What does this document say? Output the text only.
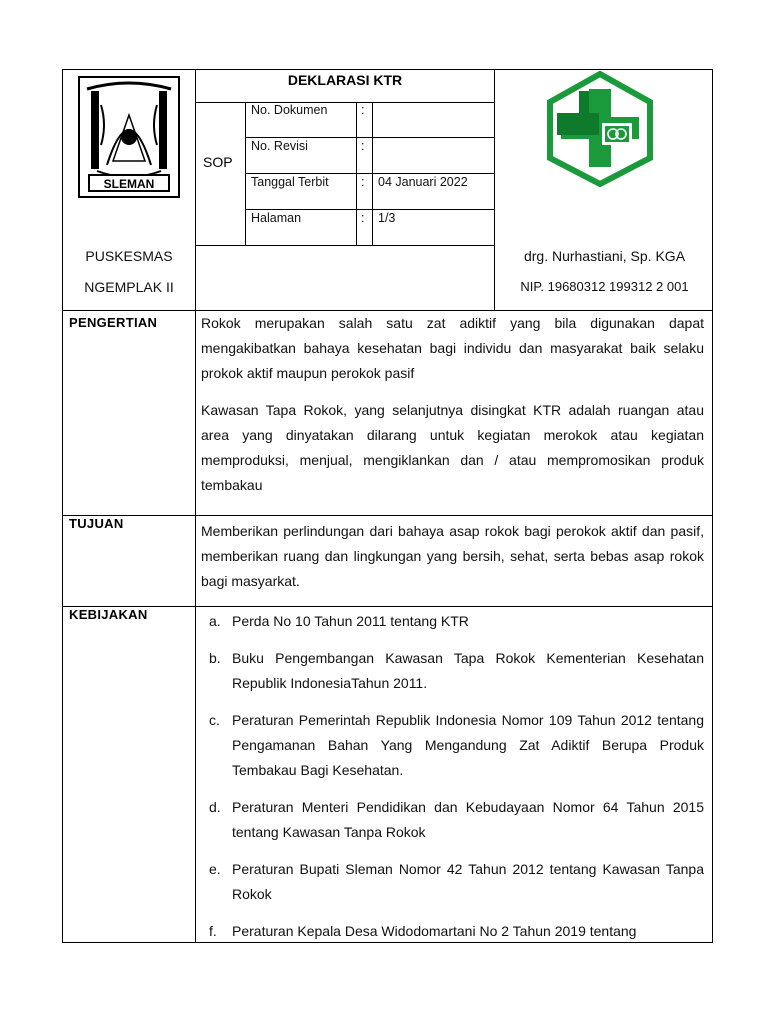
SLEMAN
DEKLARASI KTR
SOP
No. Dokumen	:
No. Revisi	:
Tanggal Terbit	: 04 Januari 2022
Halaman	: 1/3
PUSKESMAS
NGEMPLAK II
drg. Nurhastiani, Sp. KGA
NIP. 19680312 199312 2 001
PENGERTIAN	Rokok merupakan salah satu zat adiktif yang bila digunakan dapat mengakibatkan bahaya kesehatan bagi individu dan masyarakat baik selaku prokok aktif maupun perokok pasif

Kawasan Tapa Rokok, yang selanjutnya disingkat KTR adalah ruangan atau area yang dinyatakan dilarang untuk kegiatan merokok atau kegiatan memproduksi, menjual, mengiklankan dan / atau mempromosikan produk tembakau

TUJUAN	Memberikan perlindungan dari bahaya asap rokok bagi perokok aktif dan pasif, memberikan ruang dan lingkungan yang bersih, sehat, serta bebas asap rokok bagi masyarkat.

KEBIJAKAN	a. Perda No 10 Tahun 2011 tentang KTR
b. Buku Pengembangan Kawasan Tapa Rokok Kementerian Kesehatan Republik IndonesiaTahun 2011.
c. Peraturan Pemerintah Republik Indonesia Nomor 109 Tahun 2012 tentang Pengamanan Bahan Yang Mengandung Zat Adiktif Berupa Produk Tembakau Bagi Kesehatan.
d. Peraturan Menteri Pendidikan dan Kebudayaan Nomor 64 Tahun 2015 tentang Kawasan Tanpa Rokok
e. Peraturan Bupati Sleman Nomor 42 Tahun 2012 tentang Kawasan Tanpa Rokok
f. Peraturan Kepala Desa Widodomartani No 2 Tahun 2019 tentang
